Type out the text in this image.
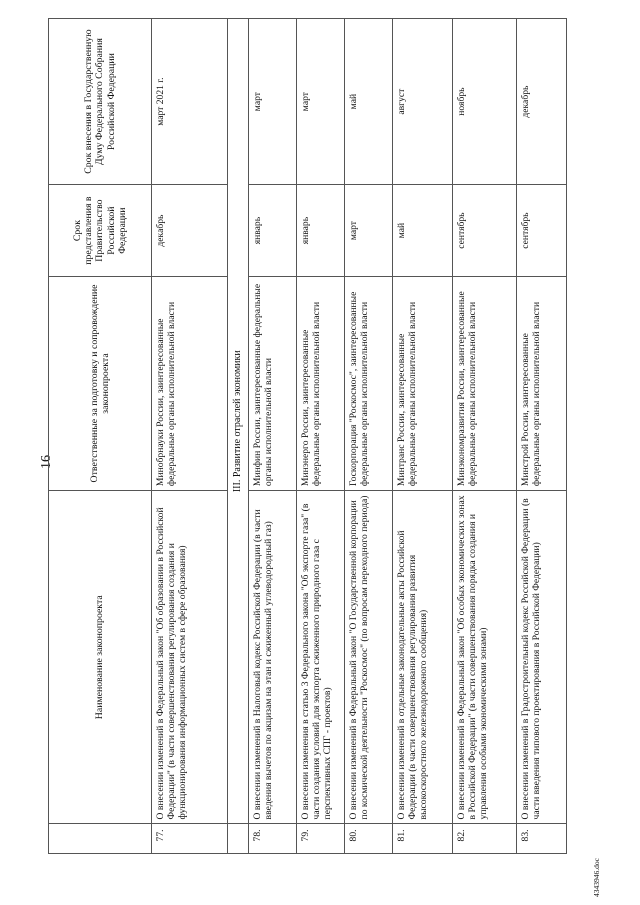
16
	Наименование законопроекта	Ответственные за подготовку и сопровождение законопроекта	Срок представления в Правительство Российской Федерации	Срок внесения в Государственную Думу Федерального Собрания Российской Федерации
77.	О внесении изменений в Федеральный закон "Об образовании в Российской Федерации" (в части совершенствования регулирования создания и функционирования информационных систем в сфере образования)	Минобрнауки России, заинтересованные федеральные органы исполнительной власти	декабрь	март 2021 г.
	III. Развитие отраслей экономики			
78.	О внесении изменений в Налоговый кодекс Российской Федерации (в части введения вычетов по акцизам на этан и сжиженный углеводородный газ)	Минфин России, заинтересованные федеральные органы исполнительной власти	январь	март
79.	О внесении изменения в статью 3 Федерального закона "Об экспорте газа" (в части создания условий для экспорта сжиженного природного газа с перспективных СПГ - проектов)	Минэнерго России, заинтересованные федеральные органы исполнительной власти	январь	март
80.	О внесении изменений в Федеральный закон "О Государственной корпорации по космической деятельности "Роскосмос" (по вопросам переходного периода)	Госкорпорация "Роскосмос", заинтересованные федеральные органы исполнительной власти	март	май
81.	О внесении изменений в отдельные законодательные акты Российской Федерации (в части совершенствования регулирования развития высокоскоростного железнодорожного сообщения)	Минтранс России, заинтересованные федеральные органы исполнительной власти	май	август
82.	О внесении изменений в Федеральный закон "Об особых экономических зонах в Российской Федерации" (в части совершенствования порядка создания и управления особыми экономическими зонами)	Минэкономразвития России, заинтересованные федеральные органы исполнительной власти	сентябрь	ноябрь
83.	О внесении изменений в Градостроительный кодекс Российской Федерации (в части введения типового проектирования в Российской Федерации)	Минстрой России, заинтересованные федеральные органы исполнительной власти	сентябрь	декабрь
4343946.doc
